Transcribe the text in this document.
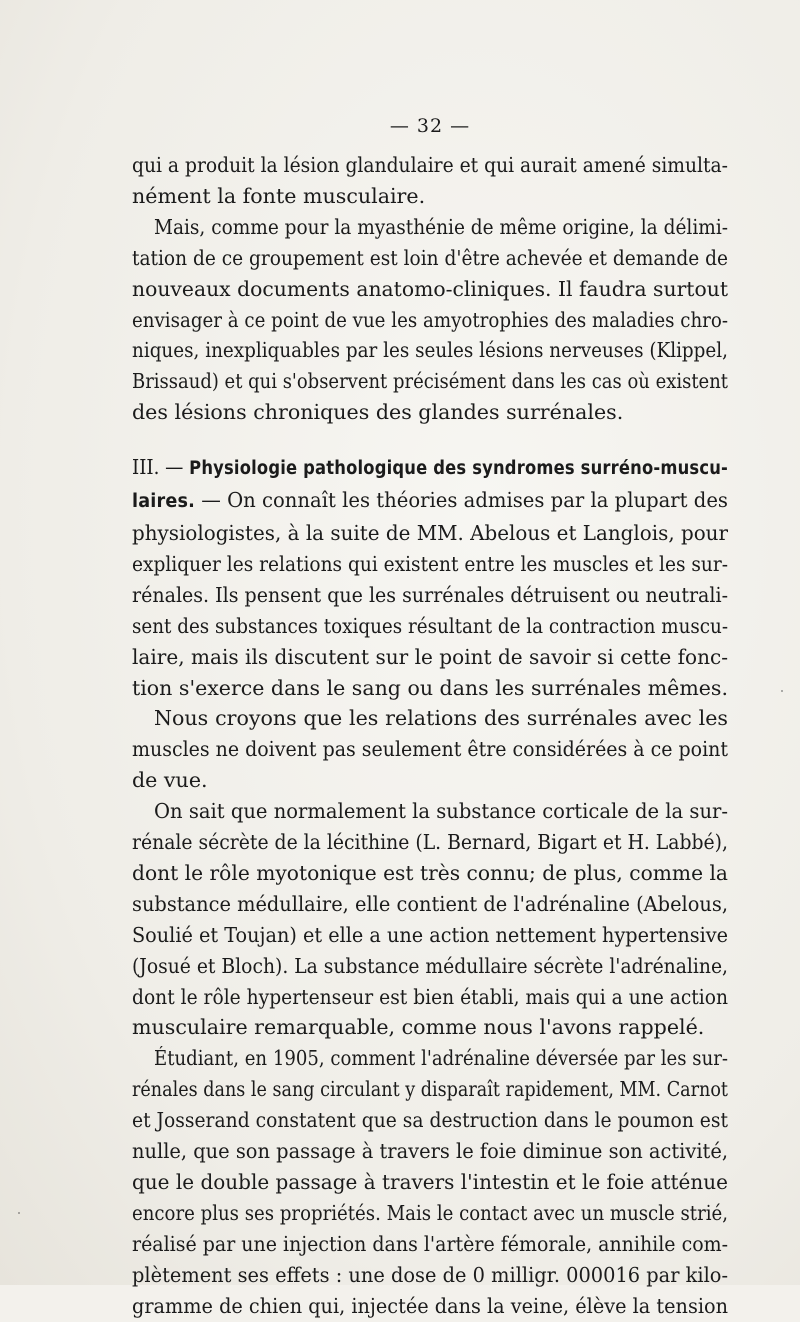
— 32 —
qui a produit la lésion glandulaire et qui aurait amené simulta-
nément la fonte musculaire.
Mais, comme pour la myasthénie de même origine, la délimi-
tation de ce groupement est loin d'être achevée et demande de
nouveaux documents anatomo-cliniques. Il faudra surtout
envisager à ce point de vue les amyotrophies des maladies chro-
niques, inexpliquables par les seules lésions nerveuses (Klippel,
Brissaud) et qui s'observent précisément dans les cas où existent
des lésions chroniques des glandes surrénales.
III. — Physiologie pathologique des syndromes surréno-muscu-
laires. — On connaît les théories admises par la plupart des
physiologistes, à la suite de MM. Abelous et Langlois, pour
expliquer les relations qui existent entre les muscles et les sur-
rénales. Ils pensent que les surrénales détruisent ou neutrali-
sent des substances toxiques résultant de la contraction muscu-
laire, mais ils discutent sur le point de savoir si cette fonc-
tion s'exerce dans le sang ou dans les surrénales mêmes.
Nous croyons que les relations des surrénales avec les
muscles ne doivent pas seulement être considérées à ce point
de vue.
On sait que normalement la substance corticale de la sur-
rénale sécrète de la lécithine (L. Bernard, Bigart et H. Labbé),
dont le rôle myotonique est très connu; de plus, comme la
substance médullaire, elle contient de l'adrénaline (Abelous,
Soulié et Toujan) et elle a une action nettement hypertensive
(Josué et Bloch). La substance médullaire sécrète l'adrénaline,
dont le rôle hypertenseur est bien établi, mais qui a une action
musculaire remarquable, comme nous l'avons rappelé.
Étudiant, en 1905, comment l'adrénaline déversée par les sur-
rénales dans le sang circulant y disparaît rapidement, MM. Carnot
et Josserand constatent que sa destruction dans le poumon est
nulle, que son passage à travers le foie diminue son activité,
que le double passage à travers l'intestin et le foie atténue
encore plus ses propriétés. Mais le contact avec un muscle strié,
réalisé par une injection dans l'artère fémorale, annihile com-
plètement ses effets : une dose de 0 milligr. 000016 par kilo-
gramme de chien qui, injectée dans la veine, élève la tension
